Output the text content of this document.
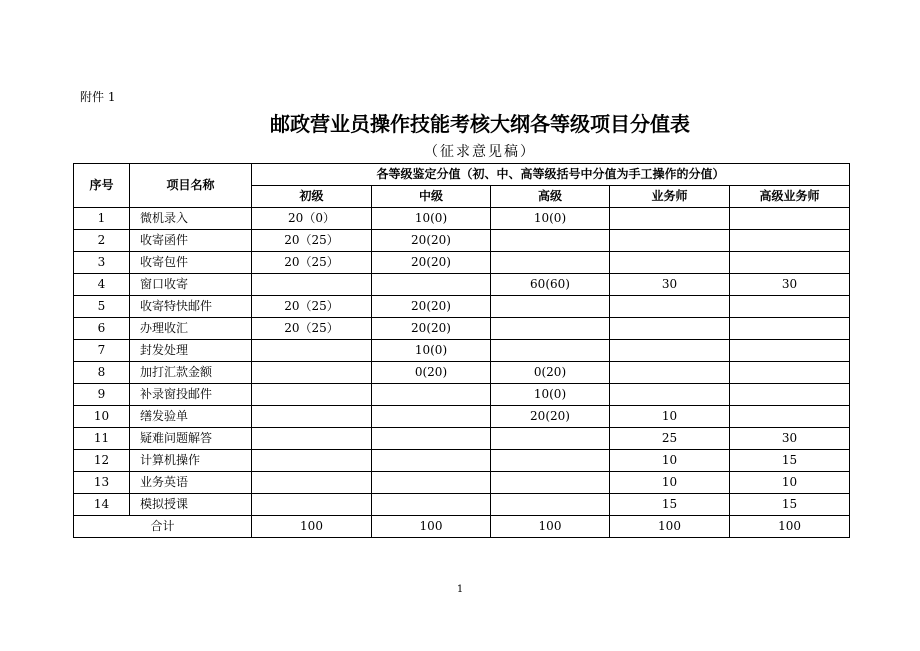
附件 1
邮政营业员操作技能考核大纲各等级项目分值表
（征求意见稿）
序号	项目名称	各等级鉴定分值（初、中、高等级括号中分值为手工操作的分值）				
		初级	中级	高级	业务师	高级业务师
1	微机录入	20（0）	10(0)	10(0)		
2	收寄函件	20（25）	20(20)			
3	收寄包件	20（25）	20(20)			
4	窗口收寄			60(60)	30	30
5	收寄特快邮件	20（25）	20(20)			
6	办理收汇	20（25）	20(20)			
7	封发处理		10(0)			
8	加打汇款金额		0(20)	0(20)		
9	补录窗投邮件			10(0)		
10	缮发验单			20(20)	10	
11	疑难问题解答				25	30
12	计算机操作				10	15
13	业务英语				10	10
14	模拟授课				15	15
合计		100	100	100	100	100
1
